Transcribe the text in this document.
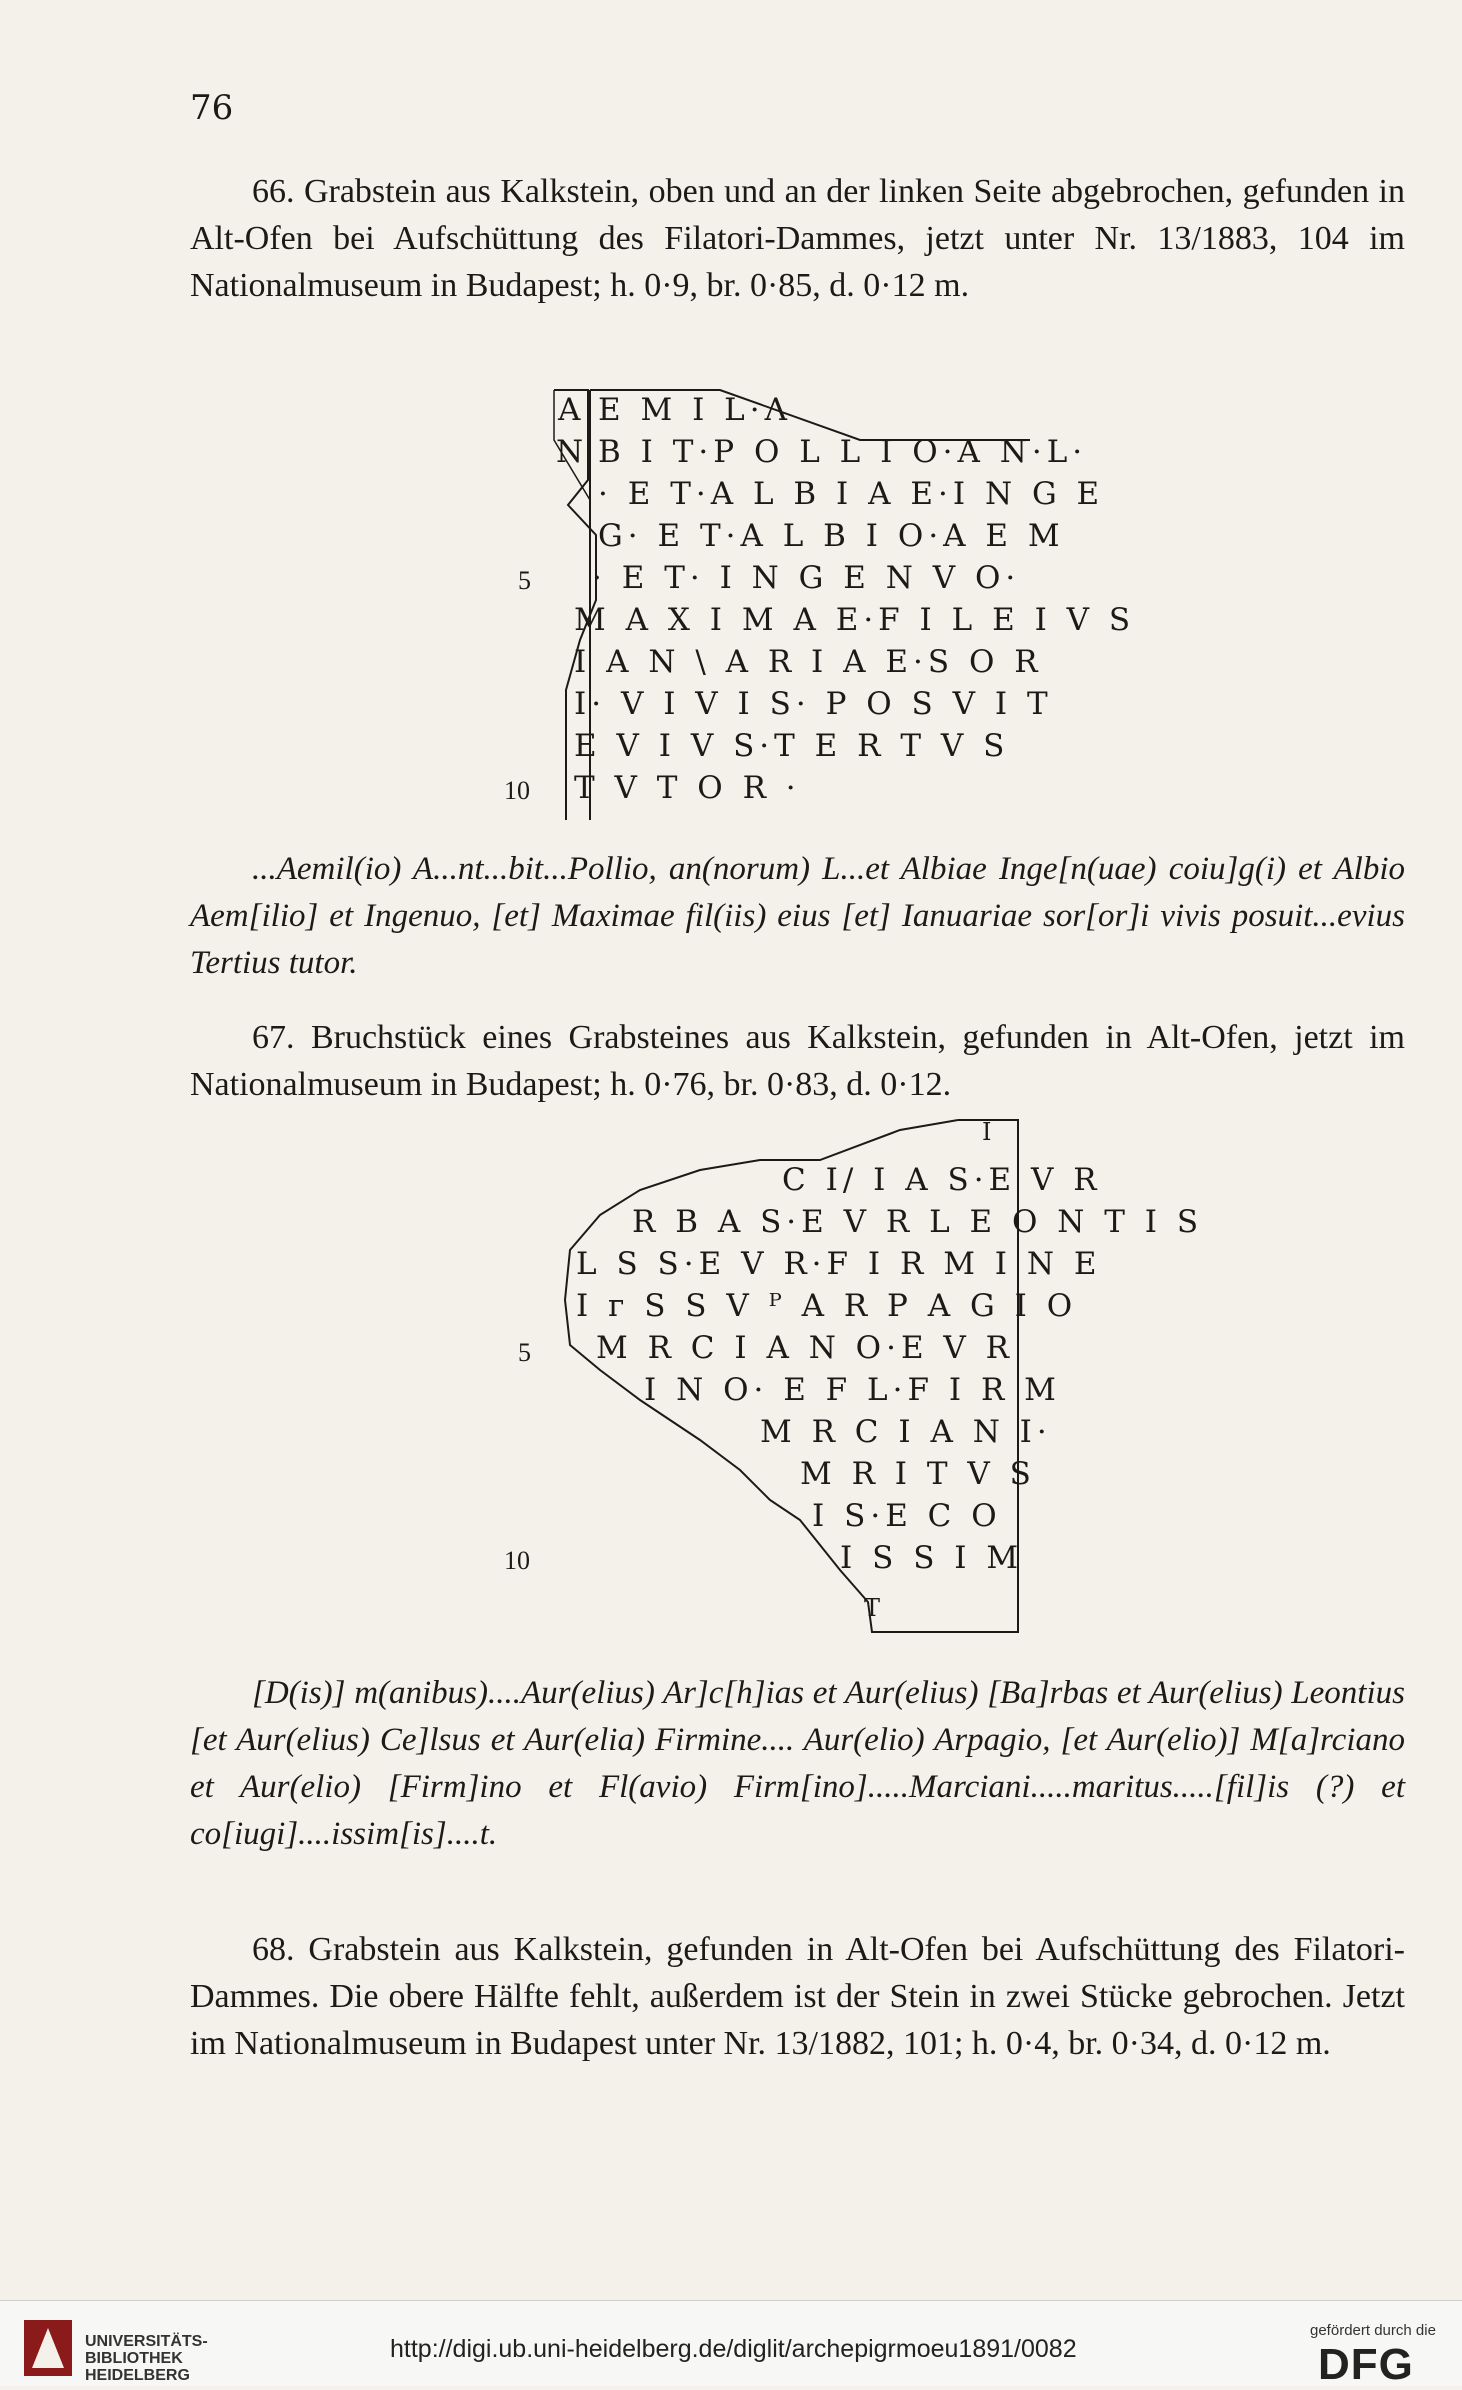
76

66. Grabstein aus Kalkstein, oben und an der linken Seite abgebrochen, gefunden in Alt-Ofen bei Aufschüttung des Filatori-Dammes, jetzt unter Nr. 13/1883, 104 im Nationalmuseum in Budapest; h. 0·9, br. 0·85, d. 0·12 m.

A
N
E M I L·Λ
B I T·P O L L I O·A N·L·
· E T·A L B I A E·I N G E
G· E T·A L B I O·A E M
· E T· I N G E N V O·
M A X I M A E·F I L E I V S
I A N \ A R I A E·S O R
I· V I V I S· P O S V I T
E V I V S·T E R T V S
T V T O R ·
5
10

...Aemil(io) A...nt...bit...Pollio, an(norum) L...et Albiae Inge[n(uae) coiu]g(i) et Albio Aem[ilio] et Ingenuo, [et] Maximae fil(iis) eius [et] Ianuariae sor[or]i vivis posuit...evius Tertius tutor.

67. Bruchstück eines Grabsteines aus Kalkstein, gefunden in Alt-Ofen, jetzt im Nationalmuseum in Budapest; h. 0·76, br. 0·83, d. 0·12.

I
C I/ I A S·E V R
R B A S·E V R L E O N T I S
L S S·E V R·F I R M I N E
I ᴦ S S V ᴾ A R P A G I O
M R C I A N O·E V R
I N O· E F L·F I R M
M R C I A N I·
M R I T V S
I S·E C O
I S S I M
T
5
10

[D(is)] m(anibus)....Aur(elius) Ar]c[h]ias et Aur(elius) [Ba]rbas et Aur(elius) Leontius [et Aur(elius) Ce]lsus et Aur(elia) Firmine.... Aur(elio) Arpagio, [et Aur(elio)] M[a]rciano et Aur(elio) [Firm]ino et Fl(avio) Firm[ino].....Marciani.....maritus.....[fil]is (?) et co[iugi]....issim[is]....t.

68. Grabstein aus Kalkstein, gefunden in Alt-Ofen bei Aufschüttung des Filatori-Dammes. Die obere Hälfte fehlt, außerdem ist der Stein in zwei Stücke gebrochen. Jetzt im Nationalmuseum in Budapest unter Nr. 13/1882, 101; h. 0·4, br. 0·34, d. 0·12 m.

UNIVERSITÄTS-
BIBLIOTHEK
HEIDELBERG
http://digi.ub.uni-heidelberg.de/diglit/archepigrmoeu1891/0082
gefördert durch die
DFG
